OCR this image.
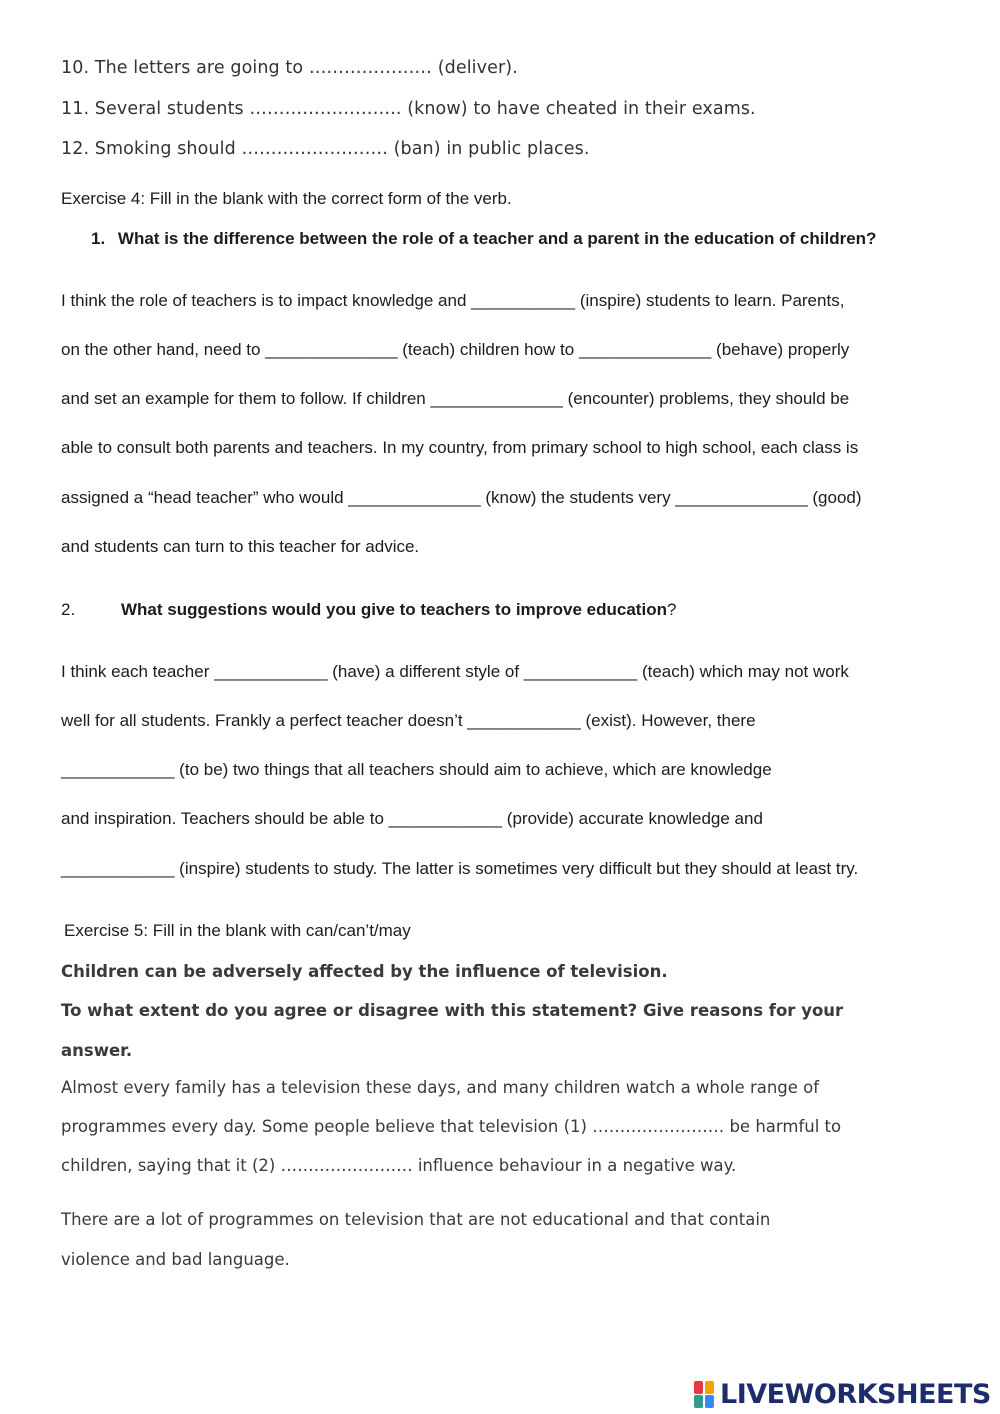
10. The letters are going to ………………… (deliver).
11. Several students …………………….. (know) to have cheated in their exams.
12. Smoking should ……………………. (ban) in public places.
Exercise 4: Fill in the blank with the correct form of the verb.
1. What is the difference between the role of a teacher and a parent in the education of children?
I think the role of teachers is to impact knowledge and ___________ (inspire) students to learn. Parents,
on the other hand, need to ______________ (teach) children how to ______________ (behave) properly
and set an example for them to follow. If children ______________ (encounter) problems, they should be
able to consult both parents and teachers. In my country, from primary school to high school, each class is
assigned a “head teacher” who would ______________ (know) the students very ______________ (good)
and students can turn to this teacher for advice.
2.	What suggestions would you give to teachers to improve education?
I think each teacher ____________ (have) a different style of ____________ (teach) which may not work
well for all students. Frankly a perfect teacher doesn’t ____________ (exist). However, there
____________ (to be) two things that all teachers should aim to achieve, which are knowledge
and inspiration. Teachers should be able to ____________ (provide) accurate knowledge and
____________ (inspire) students to study. The latter is sometimes very difficult but they should at least try.
Exercise 5: Fill in the blank with can/can’t/may
Children can be adversely affected by the influence of television.
To what extent do you agree or disagree with this statement? Give reasons for your
answer.
Almost every family has a television these days, and many children watch a whole range of
programmes every day. Some people believe that television (1) …………………… be harmful to
children, saying that it (2) …………………… influence behaviour in a negative way.
There are a lot of programmes on television that are not educational and that contain
violence and bad language.
LIVEWORKSHEETS
